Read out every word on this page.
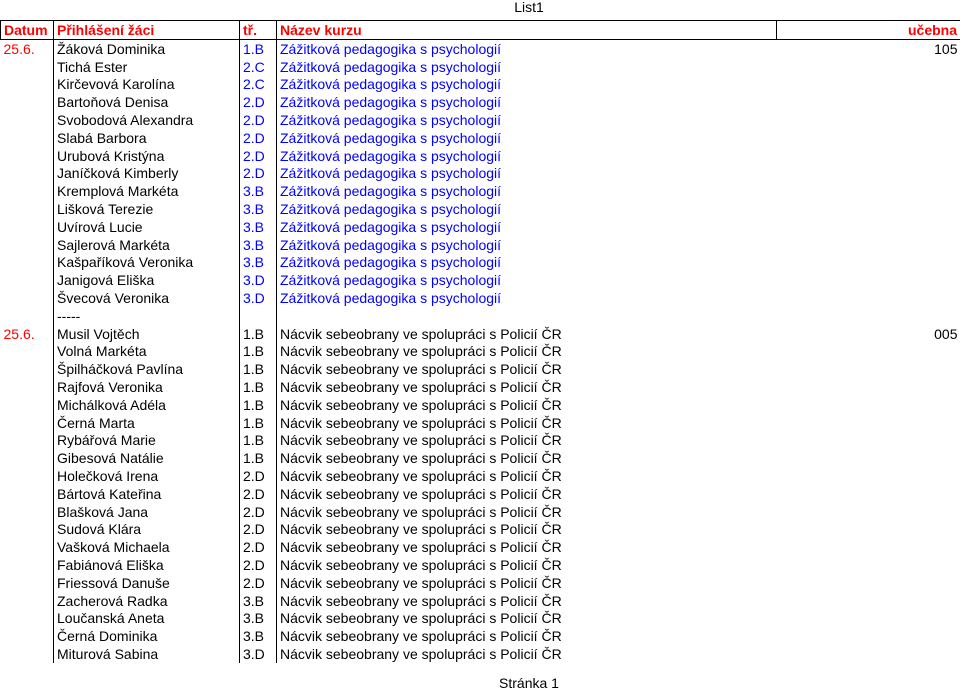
List1
Datum	Přihlášení žáci	tř.	Název kurzu	učebna
25.6.	Žáková Dominika	1.B	Zážitková pedagogika s psychologií	105
	Tichá Ester	2.C	Zážitková pedagogika s psychologií	
	Kirčevová Karolína	2.C	Zážitková pedagogika s psychologií	
	Bartoňová Denisa	2.D	Zážitková pedagogika s psychologií	
	Svobodová Alexandra	2.D	Zážitková pedagogika s psychologií	
	Slabá Barbora	2.D	Zážitková pedagogika s psychologií	
	Urubová Kristýna	2.D	Zážitková pedagogika s psychologií	
	Janíčková Kimberly	2.D	Zážitková pedagogika s psychologií	
	Kremplová Markéta	3.B	Zážitková pedagogika s psychologií	
	Lišková Terezie	3.B	Zážitková pedagogika s psychologií	
	Uvírová Lucie	3.B	Zážitková pedagogika s psychologií	
	Sajlerová Markéta	3.B	Zážitková pedagogika s psychologií	
	Kašpaříková Veronika	3.B	Zážitková pedagogika s psychologií	
	Janigová Eliška	3.D	Zážitková pedagogika s psychologií	
	Švecová Veronika	3.D	Zážitková pedagogika s psychologií	
	-----			
25.6.	Musil Vojtěch	1.B	Nácvik sebeobrany ve spolupráci s Policií ČR	005
	Volná Markéta	1.B	Nácvik sebeobrany ve spolupráci s Policií ČR	
	Špilháčková Pavlína	1.B	Nácvik sebeobrany ve spolupráci s Policií ČR	
	Rajfová Veronika	1.B	Nácvik sebeobrany ve spolupráci s Policií ČR	
	Michálková Adéla	1.B	Nácvik sebeobrany ve spolupráci s Policií ČR	
	Černá Marta	1.B	Nácvik sebeobrany ve spolupráci s Policií ČR	
	Rybářová Marie	1.B	Nácvik sebeobrany ve spolupráci s Policií ČR	
	Gibesová Natálie	1.B	Nácvik sebeobrany ve spolupráci s Policií ČR	
	Holečková Irena	2.D	Nácvik sebeobrany ve spolupráci s Policií ČR	
	Bártová Kateřina	2.D	Nácvik sebeobrany ve spolupráci s Policií ČR	
	Blašková Jana	2.D	Nácvik sebeobrany ve spolupráci s Policií ČR	
	Sudová Klára	2.D	Nácvik sebeobrany ve spolupráci s Policií ČR	
	Vašková Michaela	2.D	Nácvik sebeobrany ve spolupráci s Policií ČR	
	Fabiánová Eliška	2.D	Nácvik sebeobrany ve spolupráci s Policií ČR	
	Friessová Danuše	2.D	Nácvik sebeobrany ve spolupráci s Policií ČR	
	Zacherová Radka	3.B	Nácvik sebeobrany ve spolupráci s Policií ČR	
	Loučanská Aneta	3.B	Nácvik sebeobrany ve spolupráci s Policií ČR	
	Černá Dominika	3.B	Nácvik sebeobrany ve spolupráci s Policií ČR	
	Miturová Sabina	3.D	Nácvik sebeobrany ve spolupráci s Policií ČR	
Stránka 1
